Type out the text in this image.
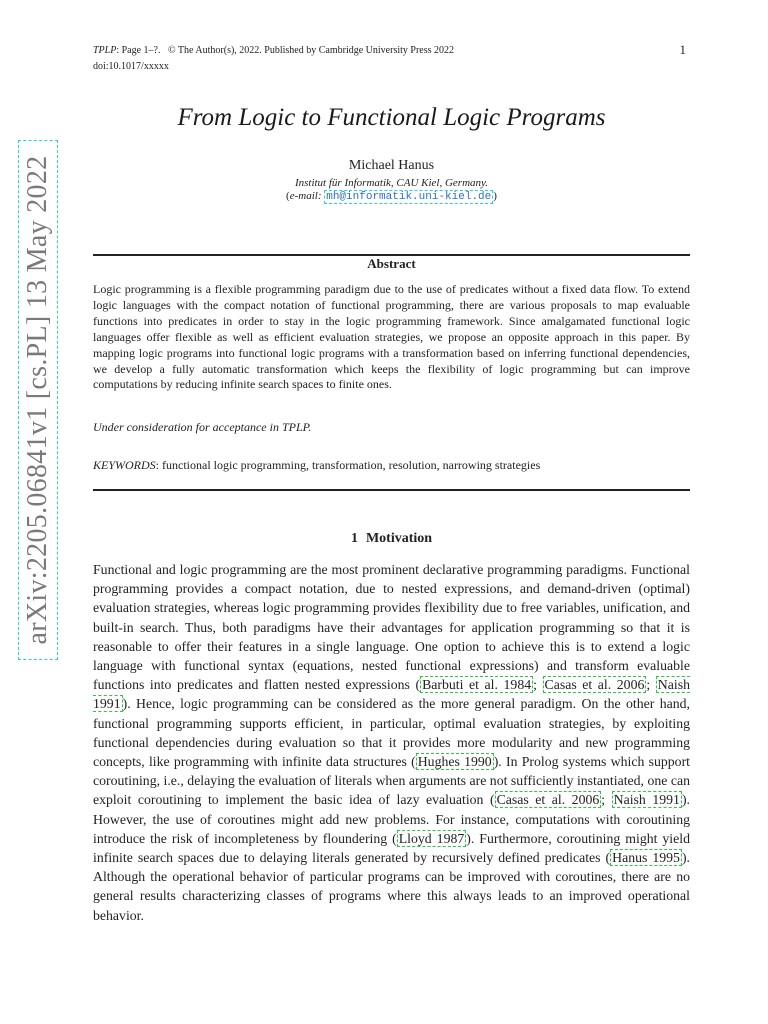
TPLP: Page 1–?. © The Author(s), 2022. Published by Cambridge University Press 2022
doi:10.1017/xxxxx
1
arXiv:2205.06841v1 [cs.PL] 13 May 2022
From Logic to Functional Logic Programs
Michael Hanus
Institut für Informatik, CAU Kiel, Germany.
(e-mail: mh@informatik.uni-kiel.de )
Abstract
Logic programming is a flexible programming paradigm due to the use of predicates without a fixed data flow. To extend logic languages with the compact notation of functional programming, there are various proposals to map evaluable functions into predicates in order to stay in the logic programming framework. Since amalgamated functional logic languages offer flexible as well as efficient evaluation strategies, we propose an opposite approach in this paper. By mapping logic programs into functional logic programs with a transformation based on inferring functional dependencies, we develop a fully automatic transformation which keeps the flexibility of logic programming but can improve computations by reducing infinite search spaces to finite ones.
Under consideration for acceptance in TPLP.
KEYWORDS: functional logic programming, transformation, resolution, narrowing strategies
1 Motivation
Functional and logic programming are the most prominent declarative programming paradigms. Functional programming provides a compact notation, due to nested expressions, and demand-driven (optimal) evaluation strategies, whereas logic programming provides flexibility due to free variables, unification, and built-in search. Thus, both paradigms have their advantages for application programming so that it is reasonable to offer their features in a single language. One option to achieve this is to extend a logic language with functional syntax (equations, nested functional expressions) and transform evaluable functions into predicates and flatten nested expressions ( Barbuti et al. 1984 ; Casas et al. 2006 ; Naish 1991 ). Hence, logic programming can be considered as the more general paradigm. On the other hand, functional programming supports efficient, in particular, optimal evaluation strategies, by exploiting functional dependencies during evaluation so that it provides more modularity and new programming concepts, like programming with infinite data structures ( Hughes 1990 ). In Prolog systems which support coroutining, i.e., delaying the evaluation of literals when arguments are not sufficiently instantiated, one can exploit coroutining to implement the basic idea of lazy evaluation ( Casas et al. 2006 ; Naish 1991 ). However, the use of coroutines might add new problems. For instance, computations with coroutining introduce the risk of incompleteness by floundering ( Lloyd 1987 ). Furthermore, coroutining might yield infinite search spaces due to delaying literals generated by recursively defined predicates ( Hanus 1995 ). Although the operational behavior of particular programs can be improved with coroutines, there are no general results characterizing classes of programs where this always leads to an improved operational behavior.
